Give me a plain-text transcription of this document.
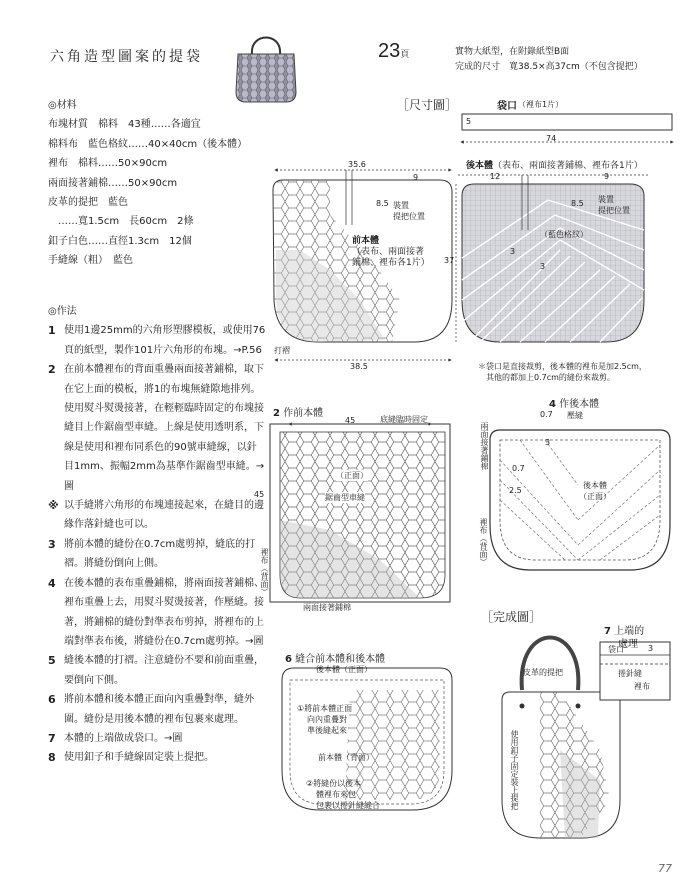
六角造型圖案的提袋	23頁	實物大紙型，在附錄紙型B面
完成的尺寸　寬38.5×高37cm（不包含提把）
◎材料
布塊材質　棉料　43種……各適宜
棉料布　藍色格紋……40×40cm（後本體）
裡布　棉料……50×90cm
兩面接著鋪棉……50×90cm
皮革的提把　藍色
　……寬1.5cm　長60cm　2條
釦子白色……直徑1.3cm　12個
手縫線（粗）　藍色
◎作法
1 使用1邊25mm的六角形塑膠模板，或使用76頁的紙型，製作101片六角形的布塊。→P.56
2 在前本體裡布的背面重疊兩面接著鋪棉，取下在它上面的模板，將1的布塊無縫隙地排列。使用熨斗熨燙接著，在輕輕臨時固定的布塊接縫目上作鋸齒型車縫。上線是使用透明系，下線是使用和裡布同系色的90號車縫線，以針目1mm、振幅2mm為基準作鋸齒型車縫。→圖
※ 以手縫將六角形的布塊連接起來，在縫目的邊緣作落針縫也可以。
3 將前本體的縫份在0.7cm處剪掉，縫底的打褶。將縫份倒向上側。
4 在後本體的表布重疊鋪棉，將兩面接著鋪棉、裡布重疊上去，用熨斗熨燙接著，作壓縫。接著，將鋪棉的縫份對準表布剪掉，將裡布的上端對準表布後，將縫份在0.7cm處剪掉。→圖
5 縫後本體的打褶。注意縫份不要和前面重疊，要倒向下側。
6 將前本體和後本體正面向內重疊對準，縫外圍。縫份是用後本體的裡布包裹來處理。
7 本體的上端做成袋口。→圖
8 使用釦子和手縫線固定裝上提把。
［尺寸圖］	袋口 （裡布1片）
5
74
35.6
9
8.5 裝置
提把位置
前本體
（表布、兩面接著
鋪棉、裡布各1片）
打褶
38.5
後本體（表布、兩面接著鋪棉、裡布各1片）
12	9
8.5 裝置
提把位置
（藍色格紋）
3
3
37
＊袋口是直接裁剪，後本體的裡布是加2.5cm，
其他的都加上0.7cm的縫份來裁剪。
2 作前本體
45	底縫臨時固定
45
（正面）
鋸齒型車縫
裡布（背面）
兩面接著鋪棉
4 作後本體
0.7 壓縫
兩面接著鋪棉	3
0.7
2.5
後本體
（正面）
裡布（背面）
6 縫合前本體和後本體
後本體（正面）
①將前本體正面
向內重疊對
準後縫起來
前本體（背面）
②將縫份以後本
體裡布來包
包裹以捲針縫縫合
［完成圖］
皮革的提把
使用釦子固定裝上提把
7 上端的
處理
袋口	3
捲針縫
裡布
77
